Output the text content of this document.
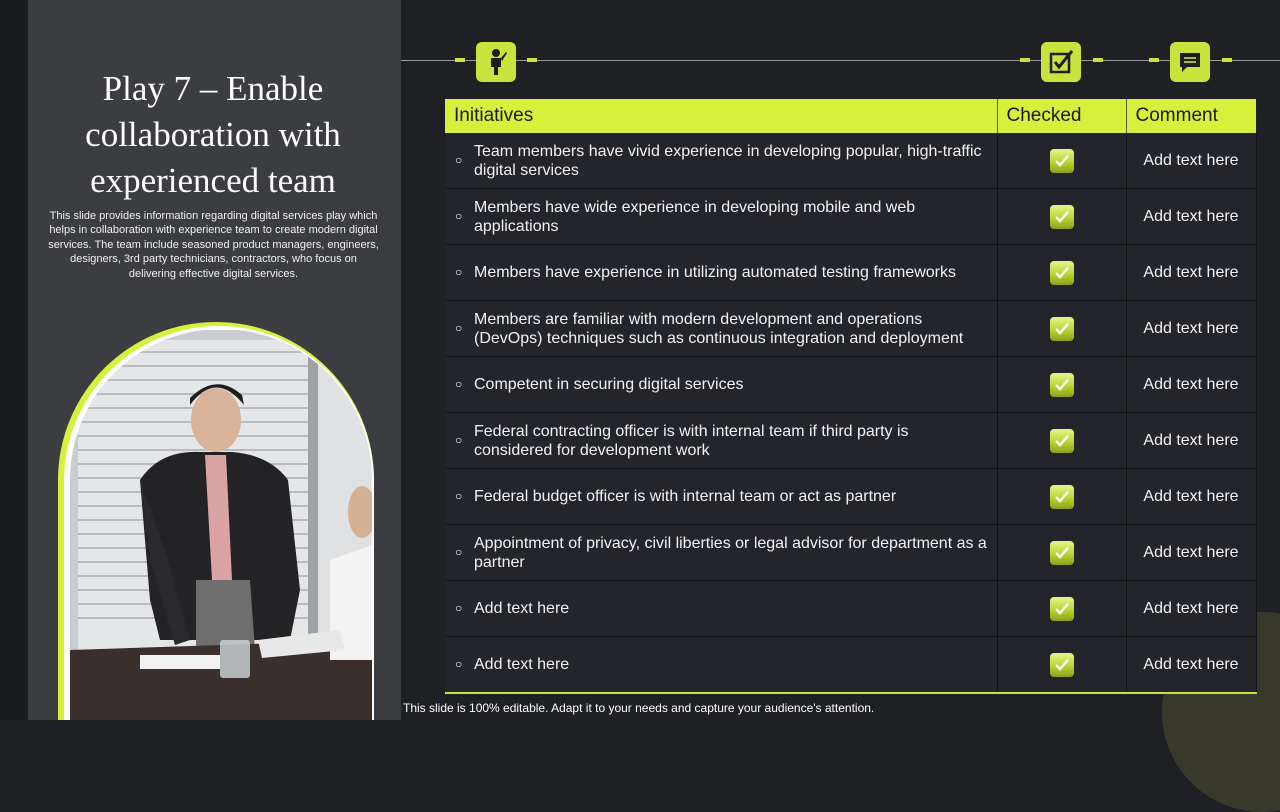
Play 7 – Enable collaboration with experienced team

This slide provides information regarding digital services play which helps in collaboration with experience team to create modern digital services. The team include seasoned product managers, engineers, designers, 3rd party technicians, contractors, who focus on delivering effective digital services.

Initiatives	Checked	Comment

○
Team members have vivid experience in developing popular, high-traffic digital services		Add text here

○
Members have wide experience in developing mobile and web applications		Add text here

○ Members have experience in utilizing automated testing frameworks		Add text here

○
Members are familiar with modern development and operations (DevOps) techniques such as continuous integration and deployment		Add text here

○ Competent in securing digital services		Add text here

○
Federal contracting officer is with internal team if third party is considered for development work		Add text here

○ Federal budget officer is with internal team or act as partner		Add text here

○
Appointment of privacy, civil liberties or legal advisor for department as a partner		Add text here

○ Add text here		Add text here

○ Add text here		Add text here
This slide is 100% editable. Adapt it to your needs and capture your audience's attention.
